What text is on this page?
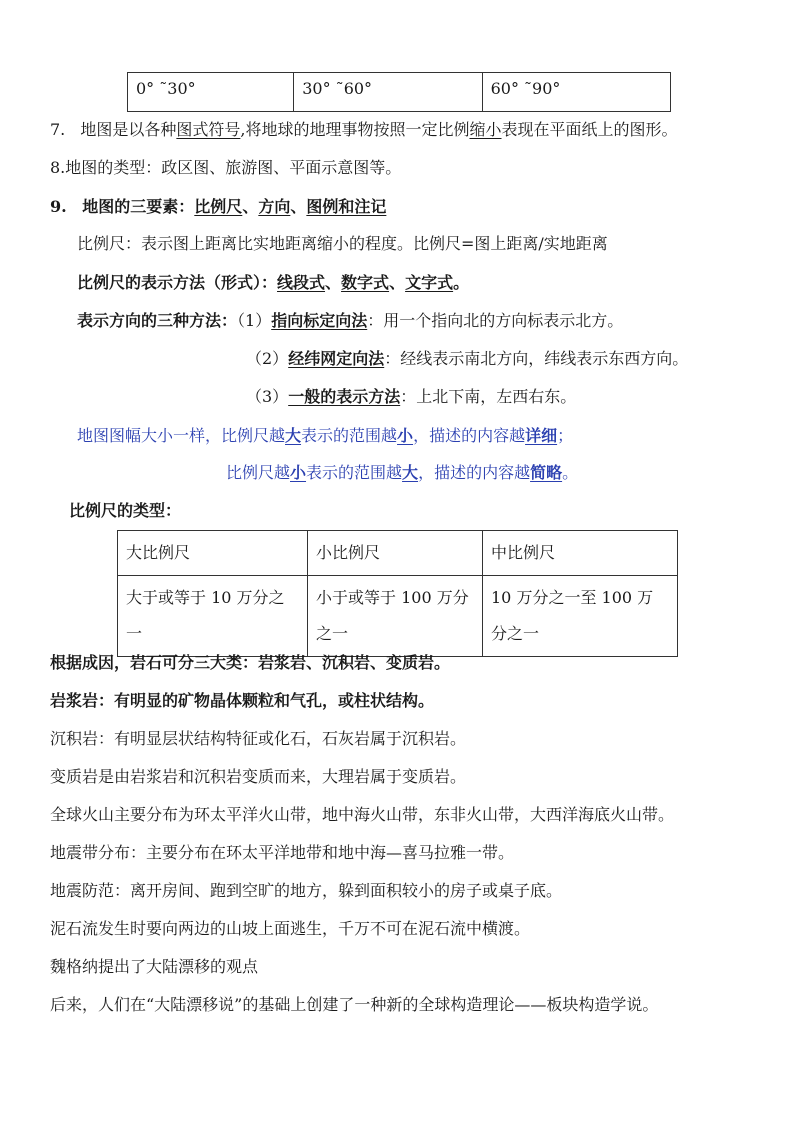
0° ˜30°	30° ˜60°	60° ˜90°
7. 地图是以各种图式符号,将地球的地理事物按照一定比例缩小表现在平面纸上的图形。
8.地图的类型：政区图、旅游图、平面示意图等。
9. 地图的三要素：比例尺、方向、图例和注记
比例尺：表示图上距离比实地距离缩小的程度。比例尺=图上距离/实地距离
比例尺的表示方法（形式）：线段式、数字式、文字式。
表示方向的三种方法：（1）指向标定向法：用一个指向北的方向标表示北方。
（2）经纬网定向法：经线表示南北方向，纬线表示东西方向。
（3）一般的表示方法：上北下南，左西右东。
地图图幅大小一样，比例尺越大表示的范围越小，描述的内容越详细；
比例尺越小表示的范围越大，描述的内容越简略。
比例尺的类型：
大比例尺	小比例尺	中比例尺
大于或等于 10 万分之一	小于或等于 100 万分之一	10 万分之一至 100 万分之一
根据成因，岩石可分三大类：岩浆岩、沉积岩、变质岩。
岩浆岩：有明显的矿物晶体颗粒和气孔，或柱状结构。
沉积岩：有明显层状结构特征或化石，石灰岩属于沉积岩。
变质岩是由岩浆岩和沉积岩变质而来，大理岩属于变质岩。
全球火山主要分布为环太平洋火山带，地中海火山带，东非火山带，大西洋海底火山带。
地震带分布：主要分布在环太平洋地带和地中海—喜马拉雅一带。
地震防范：离开房间、跑到空旷的地方，躲到面积较小的房子或桌子底。
泥石流发生时要向两边的山坡上面逃生，千万不可在泥石流中横渡。
魏格纳提出了大陆漂移的观点
后来，人们在“大陆漂移说”的基础上创建了一种新的全球构造理论——板块构造学说。
